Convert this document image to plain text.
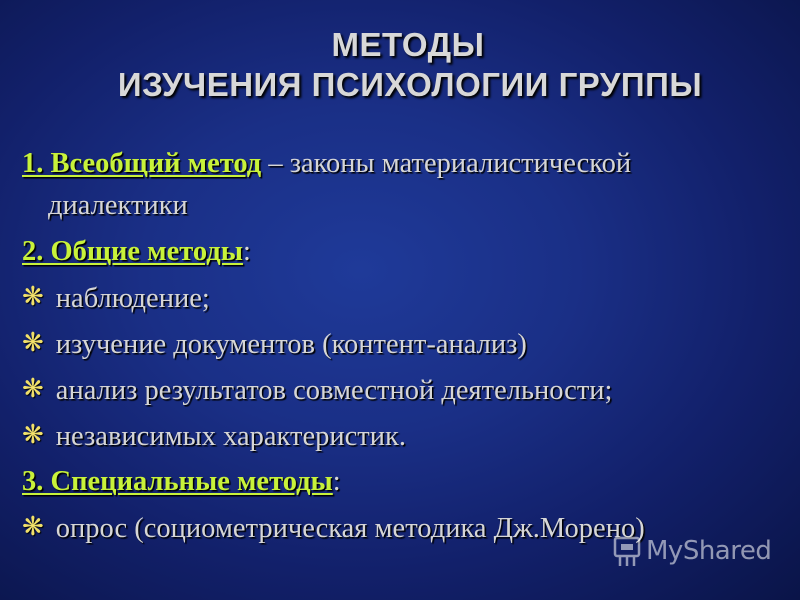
МЕТОДЫ
ИЗУЧЕНИЯ ПСИХОЛОГИИ ГРУППЫ
1. Всеобщий метод – законы материалистической
диалектики
2. Общие методы:
❋ наблюдение;
❋ изучение документов (контент-анализ)
❋ анализ результатов совместной деятельности;
❋ независимых характеристик.
3. Специальные методы:
❋ опрос (социометрическая методика Дж.Морено)
MyShared
